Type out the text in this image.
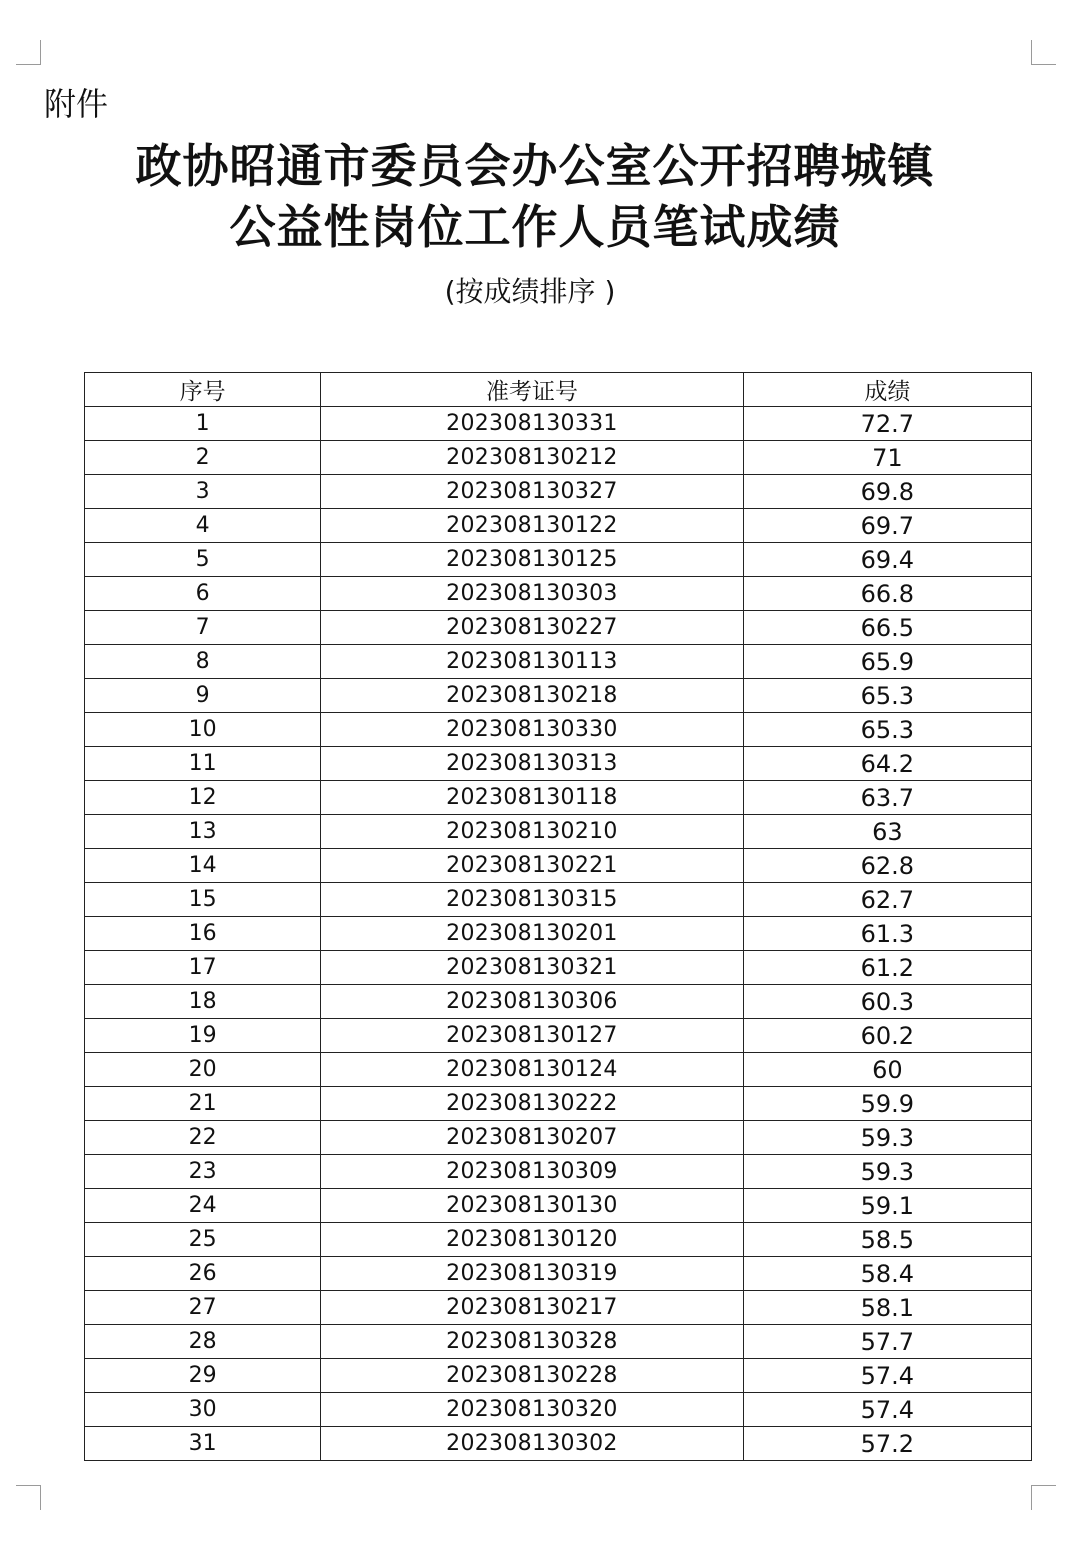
附件
政协昭通市委员会办公室公开招聘城镇
公益性岗位工作人员笔试成绩
(按成绩排序 )
序号	准考证号	成绩
1	202308130331	72.7
2	202308130212	71
3	202308130327	69.8
4	202308130122	69.7
5	202308130125	69.4
6	202308130303	66.8
7	202308130227	66.5
8	202308130113	65.9
9	202308130218	65.3
10	202308130330	65.3
11	202308130313	64.2
12	202308130118	63.7
13	202308130210	63
14	202308130221	62.8
15	202308130315	62.7
16	202308130201	61.3
17	202308130321	61.2
18	202308130306	60.3
19	202308130127	60.2
20	202308130124	60
21	202308130222	59.9
22	202308130207	59.3
23	202308130309	59.3
24	202308130130	59.1
25	202308130120	58.5
26	202308130319	58.4
27	202308130217	58.1
28	202308130328	57.7
29	202308130228	57.4
30	202308130320	57.4
31	202308130302	57.2
